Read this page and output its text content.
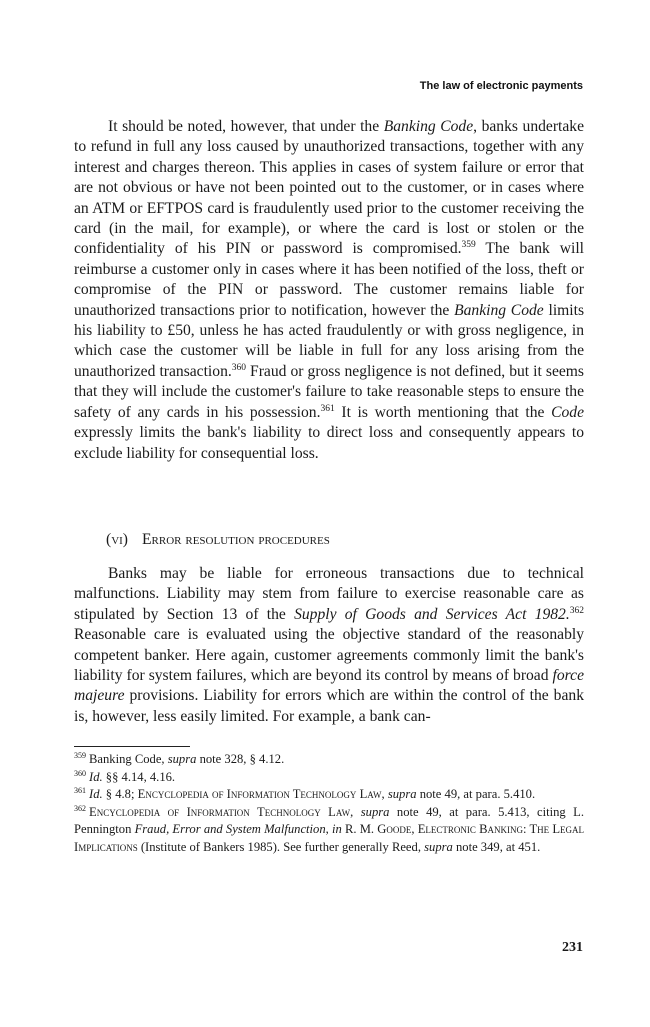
The law of electronic payments

It should be noted, however, that under the Banking Code, banks undertake to refund in full any loss caused by unauthorized transactions, together with any interest and charges thereon. This applies in cases of system failure or error that are not obvious or have not been pointed out to the customer, or in cases where an ATM or EFTPOS card is fraudulently used prior to the customer receiving the card (in the mail, for example), or where the card is lost or stolen or the confidentiality of his PIN or password is compromised.$^{359}$ The bank will reimburse a customer only in cases where it has been notified of the loss, theft or compromise of the PIN or password. The customer remains liable for unauthorized transactions prior to notification, however the Banking Code limits his liability to £50, unless he has acted fraudulently or with gross negligence, in which case the customer will be liable in full for any loss arising from the unauthorized transaction.$^{360}$ Fraud or gross negligence is not defined, but it seems that they will include the customer's failure to take reasonable steps to ensure the safety of any cards in his possession.$^{361}$ It is worth mentioning that the Code expressly limits the bank's liability to direct loss and consequently appears to exclude liability for consequential loss.

(vi) Error resolution procedures

Banks may be liable for erroneous transactions due to technical malfunctions. Liability may stem from failure to exercise reasonable care as stipulated by Section 13 of the Supply of Goods and Services Act 1982.$^{362}$ Reasonable care is evaluated using the objective standard of the reasonably competent banker. Here again, customer agreements commonly limit the bank's liability for system failures, which are beyond its control by means of broad force majeure provisions. Liability for errors which are within the control of the bank is, however, less easily limited. For example, a bank can-

$^{359}$ Banking Code, supra note 328, § 4.12.

$^{360}$ Id. §§ 4.14, 4.16.

$^{361}$ Id. § 4.8; Encyclopedia of Information Technology Law, supra note 49, at para. 5.410.

$^{362}$ Encyclopedia of Information Technology Law, supra note 49, at para. 5.413, citing L. Pennington Fraud, Error and System Malfunction, in R. M. Goode, Electronic Banking: The Legal Implications (Institute of Bankers 1985). See further generally Reed, supra note 349, at 451.

231
